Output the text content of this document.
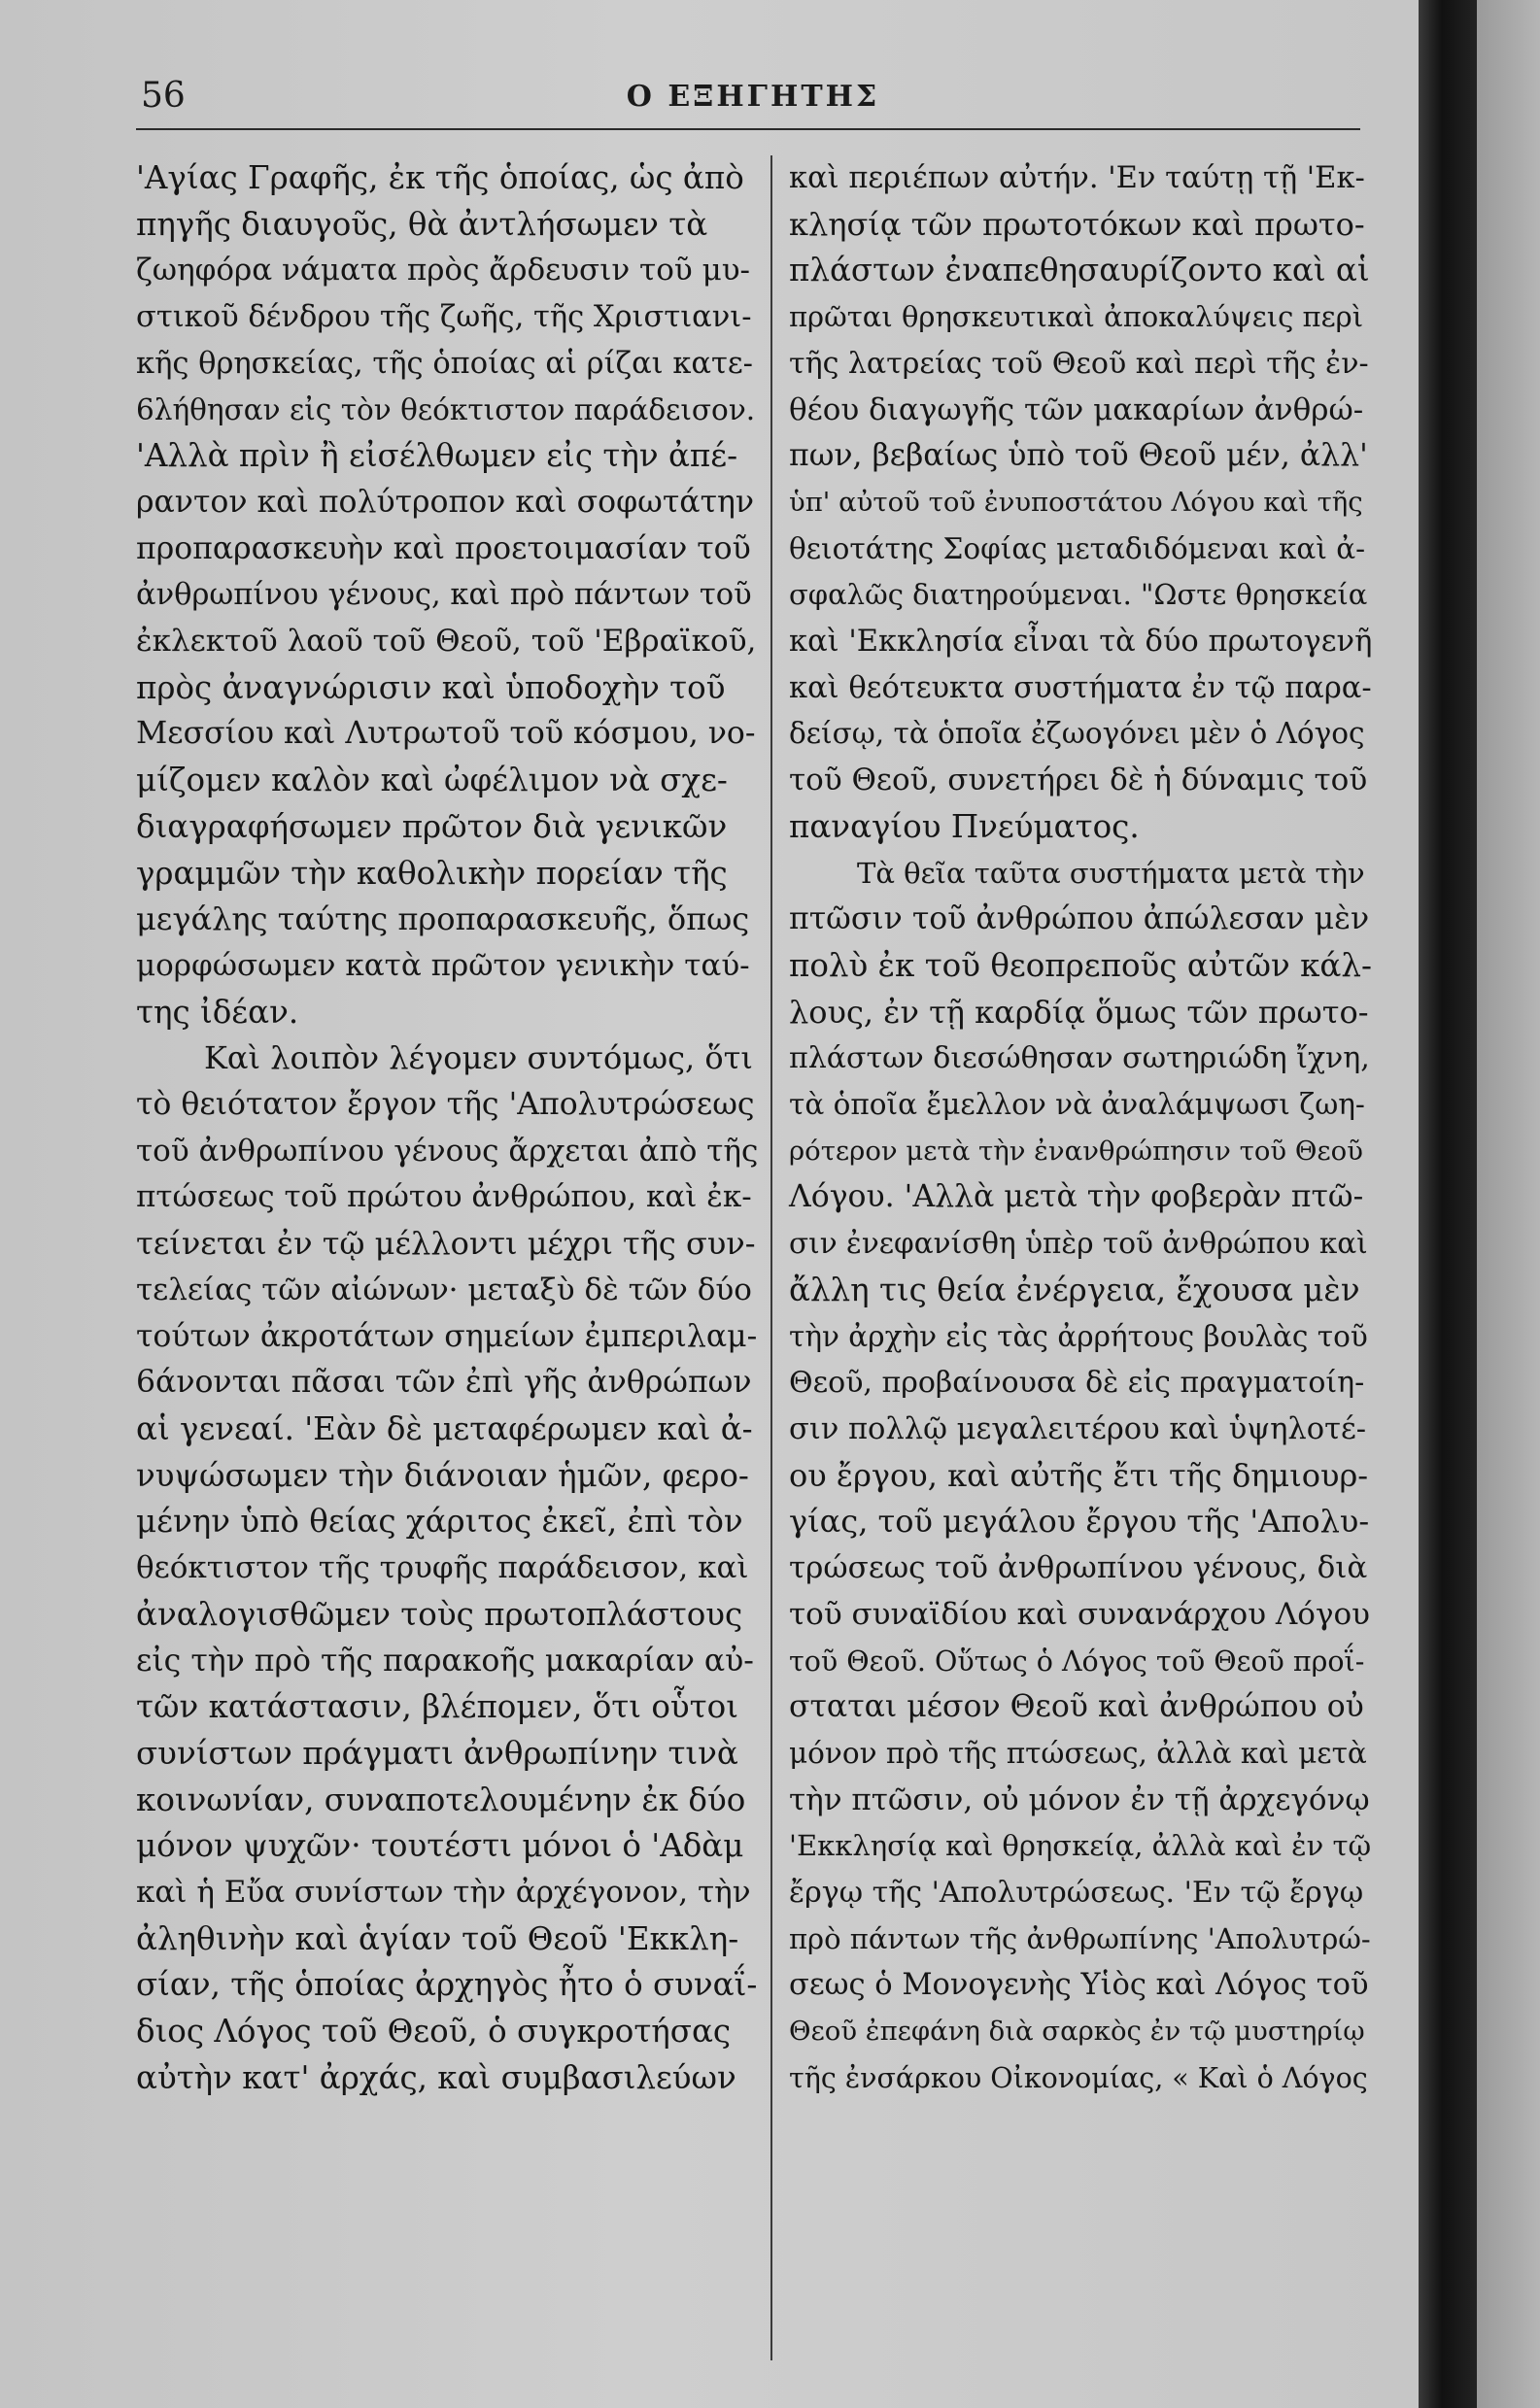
56	Ο ΕΞΗΓΗΤΗΣ
'Αγίας Γραφῆς, ἐκ τῆς ὁποίας, ὡς ἀπὸ
πηγῆς διαυγοῦς, θὰ ἀντλήσωμεν τὰ
ζωηφόρα νάματα πρὸς ἄρδευσιν τοῦ μυ-
στικοῦ δένδρου τῆς ζωῆς, τῆς Χριστιανι-
κῆς θρησκείας, τῆς ὁποίας αἱ ρίζαι κατε-
6λήθησαν εἰς τὸν θεόκτιστον παράδεισον.
'Αλλὰ πρὶν ἢ εἰσέλθωμεν εἰς τὴν ἀπέ-
ραντον καὶ πολύτροπον καὶ σοφωτάτην
προπαρασκευὴν καὶ προετοιμασίαν τοῦ
ἀνθρωπίνου γένους, καὶ πρὸ πάντων τοῦ
ἐκλεκτοῦ λαοῦ τοῦ Θεοῦ, τοῦ 'Εβραϊκοῦ,
πρὸς ἀναγνώρισιν καὶ ὑποδοχὴν τοῦ
Μεσσίου καὶ Λυτρωτοῦ τοῦ κόσμου, νο-
μίζομεν καλὸν καὶ ὠφέλιμον νὰ σχε-
διαγραφήσωμεν πρῶτον διὰ γενικῶν
γραμμῶν τὴν καθολικὴν πορείαν τῆς
μεγάλης ταύτης προπαρασκευῆς, ὅπως
μορφώσωμεν κατὰ πρῶτον γενικὴν ταύ-
της ἰδέαν.
Καὶ λοιπὸν λέγομεν συντόμως, ὅτι
τὸ θειότατον ἔργον τῆς 'Απολυτρώσεως
τοῦ ἀνθρωπίνου γένους ἄρχεται ἀπὸ τῆς
πτώσεως τοῦ πρώτου ἀνθρώπου, καὶ ἐκ-
τείνεται ἐν τῷ μέλλοντι μέχρι τῆς συν-
τελείας τῶν αἰώνων· μεταξὺ δὲ τῶν δύο
τούτων ἀκροτάτων σημείων ἐμπεριλαμ-
6άνονται πᾶσαι τῶν ἐπὶ γῆς ἀνθρώπων
αἱ γενεαί. 'Εὰν δὲ μεταφέρωμεν καὶ ἀ-
νυψώσωμεν τὴν διάνοιαν ἡμῶν, φερο-
μένην ὑπὸ θείας χάριτος ἐκεῖ, ἐπὶ τὸν
θεόκτιστον τῆς τρυφῆς παράδεισον, καὶ
ἀναλογισθῶμεν τοὺς πρωτοπλάστους
εἰς τὴν πρὸ τῆς παρακοῆς μακαρίαν αὐ-
τῶν κατάστασιν, βλέπομεν, ὅτι οὗτοι
συνίστων πράγματι ἀνθρωπίνην τινὰ
κοινωνίαν, συναποτελουμένην ἐκ δύο
μόνον ψυχῶν· τουτέστι μόνοι ὁ 'Αδὰμ
καὶ ἡ Εὔα συνίστων τὴν ἀρχέγονον, τὴν
ἀληθινὴν καὶ ἁγίαν τοῦ Θεοῦ 'Εκκλη-
σίαν, τῆς ὁποίας ἀρχηγὸς ἦτο ὁ συναΐ-
διος Λόγος τοῦ Θεοῦ, ὁ συγκροτήσας
αὐτὴν κατ' ἀρχάς, καὶ συμβασιλεύων
καὶ περιέπων αὐτήν. 'Εν ταύτῃ τῇ 'Εκ-
κλησίᾳ τῶν πρωτοτόκων καὶ πρωτο-
πλάστων ἐναπεθησαυρίζοντο καὶ αἱ
πρῶται θρησκευτικαὶ ἀποκαλύψεις περὶ
τῆς λατρείας τοῦ Θεοῦ καὶ περὶ τῆς ἐν-
θέου διαγωγῆς τῶν μακαρίων ἀνθρώ-
πων, βεβαίως ὑπὸ τοῦ Θεοῦ μέν, ἀλλ'
ὑπ' αὐτοῦ τοῦ ἐνυποστάτου Λόγου καὶ τῆς
θειοτάτης Σοφίας μεταδιδόμεναι καὶ ἀ-
σφαλῶς διατηρούμεναι. "Ωστε θρησκεία
καὶ 'Εκκλησία εἶναι τὰ δύο πρωτογενῆ
καὶ θεότευκτα συστήματα ἐν τῷ παρα-
δείσῳ, τὰ ὁποῖα ἐζωογόνει μὲν ὁ Λόγος
τοῦ Θεοῦ, συνετήρει δὲ ἡ δύναμις τοῦ
παναγίου Πνεύματος.
Τὰ θεῖα ταῦτα συστήματα μετὰ τὴν
πτῶσιν τοῦ ἀνθρώπου ἀπώλεσαν μὲν
πολὺ ἐκ τοῦ θεοπρεποῦς αὐτῶν κάλ-
λους, ἐν τῇ καρδίᾳ ὅμως τῶν πρωτο-
πλάστων διεσώθησαν σωτηριώδη ἴχνη,
τὰ ὁποῖα ἔμελλον νὰ ἀναλάμψωσι ζωη-
ρότερον μετὰ τὴν ἐνανθρώπησιν τοῦ Θεοῦ
Λόγου. 'Αλλὰ μετὰ τὴν φοβερὰν πτῶ-
σιν ἐνεφανίσθη ὑπὲρ τοῦ ἀνθρώπου καὶ
ἄλλη τις θεία ἐνέργεια, ἔχουσα μὲν
τὴν ἀρχὴν εἰς τὰς ἀρρήτους βουλὰς τοῦ
Θεοῦ, προβαίνουσα δὲ εἰς πραγματοίη-
σιν πολλῷ μεγαλειτέρου καὶ ὑψηλοτέ-
ου ἔργου, καὶ αὐτῆς ἔτι τῆς δημιουρ-
γίας, τοῦ μεγάλου ἔργου τῆς 'Απολυ-
τρώσεως τοῦ ἀνθρωπίνου γένους, διὰ
τοῦ συναϊδίου καὶ συνανάρχου Λόγου
τοῦ Θεοῦ. Οὕτως ὁ Λόγος τοῦ Θεοῦ προΐ-
σταται μέσον Θεοῦ καὶ ἀνθρώπου οὐ
μόνον πρὸ τῆς πτώσεως, ἀλλὰ καὶ μετὰ
τὴν πτῶσιν, οὐ μόνον ἐν τῇ ἀρχεγόνῳ
'Εκκλησίᾳ καὶ θρησκείᾳ, ἀλλὰ καὶ ἐν τῷ
ἔργῳ τῆς 'Απολυτρώσεως. 'Εν τῷ ἔργῳ
πρὸ πάντων τῆς ἀνθρωπίνης 'Απολυτρώ-
σεως ὁ Μονογενὴς Υἱὸς καὶ Λόγος τοῦ
Θεοῦ ἐπεφάνη διὰ σαρκὸς ἐν τῷ μυστηρίῳ
τῆς ἐνσάρκου Οἰκονομίας, « Καὶ ὁ Λόγος
